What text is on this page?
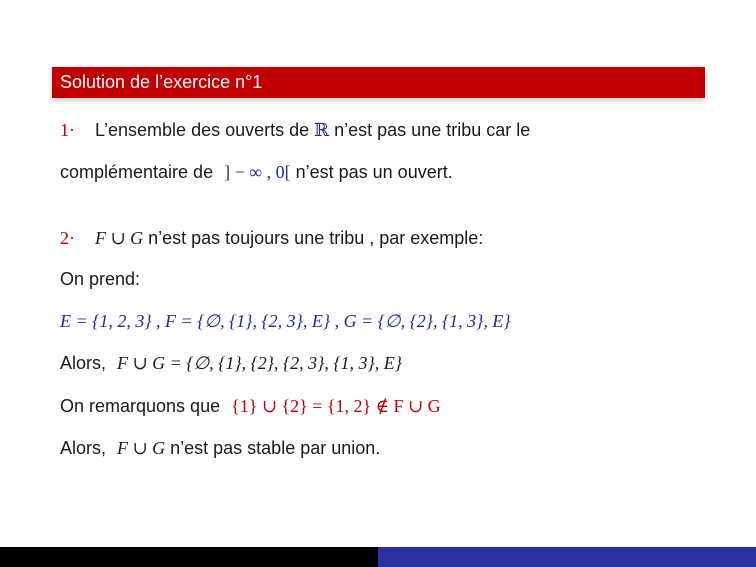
Solution de l’exercice n°1
1· L’ensemble des ouverts de ℝ n’est pas une tribu car le
complémentaire de ] − ∞ , 0[ n’est pas un ouvert.
2· F ∪ G n’est pas toujours une tribu , par exemple:
On prend:
E = {1, 2, 3} , F = {∅, {1}, {2, 3}, E} , G = {∅, {2}, {1, 3}, E}
Alors, F ∪ G = {∅, {1}, {2}, {2, 3}, {1, 3}, E}
On remarquons que {1} ∪ {2} = {1, 2} ∉ F ∪ G
Alors, F ∪ G n’est pas stable par union.
